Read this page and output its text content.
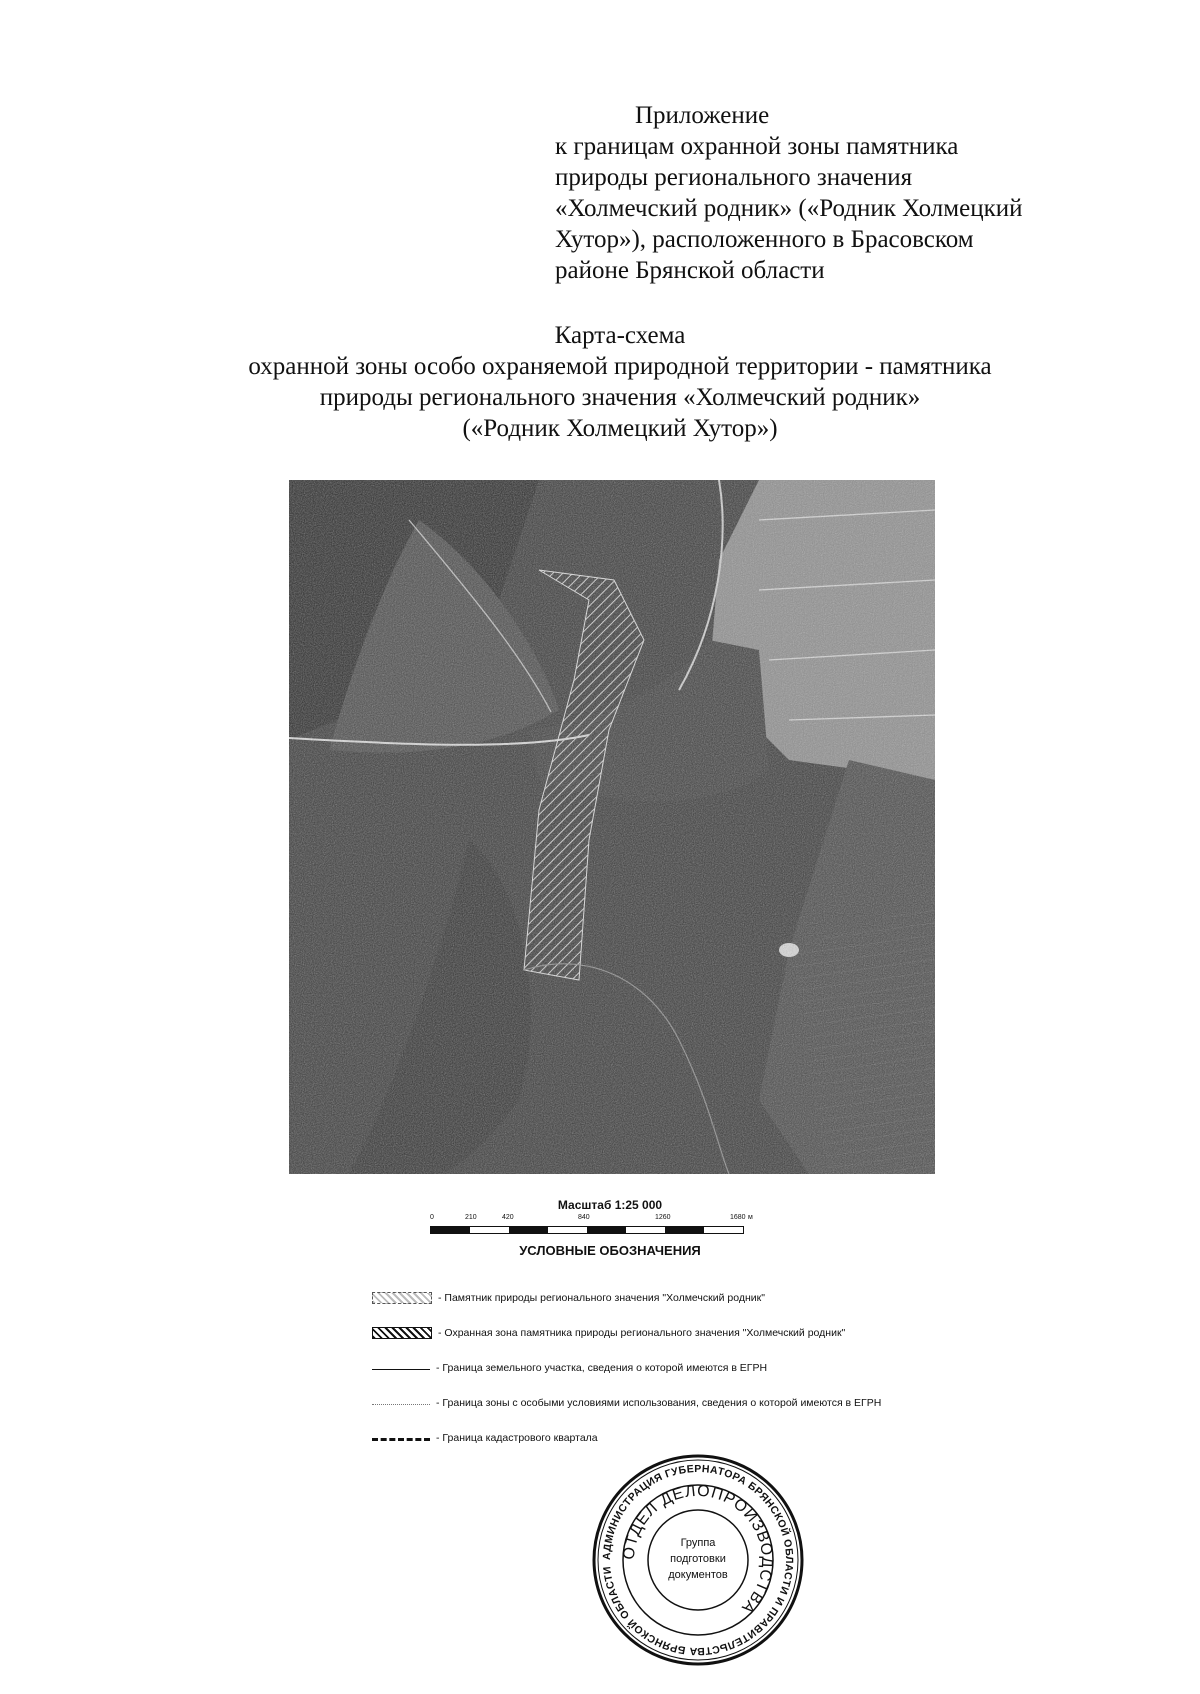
Приложение
к границам охранной зоны памятника
природы регионального значения
«Холмечский родник» («Родник Холмецкий
Хутор»), расположенного в Брасовском
районе Брянской области
Карта-схема
охранной зоны особо охраняемой природной территории - памятника
природы регионального значения «Холмечский родник»
(«Родник Холмецкий Хутор»)
Масштаб 1:25 000
0	210	420	840	1260	1680 м
УСЛОВНЫЕ ОБОЗНАЧЕНИЯ
- Памятник природы регионального значения "Холмечский родник"
- Охранная зона памятника природы регионального значения "Холмечский родник"
- Граница земельного участка, сведения о которой имеются в ЕГРН
- Граница зоны с особыми условиями использования, сведения о которой имеются в ЕГРН
- Граница кадастрового квартала
АДМИНИСТРАЦИЯ ГУБЕРНАТОРА БРЯНСКОЙ ОБЛАСТИ И ПРАВИТЕЛЬСТВА БРЯНСКОЙ ОБЛАСТИ
ОТДЕЛ ДЕЛОПРОИЗВОДСТВА
Группа
подготовки
документов
